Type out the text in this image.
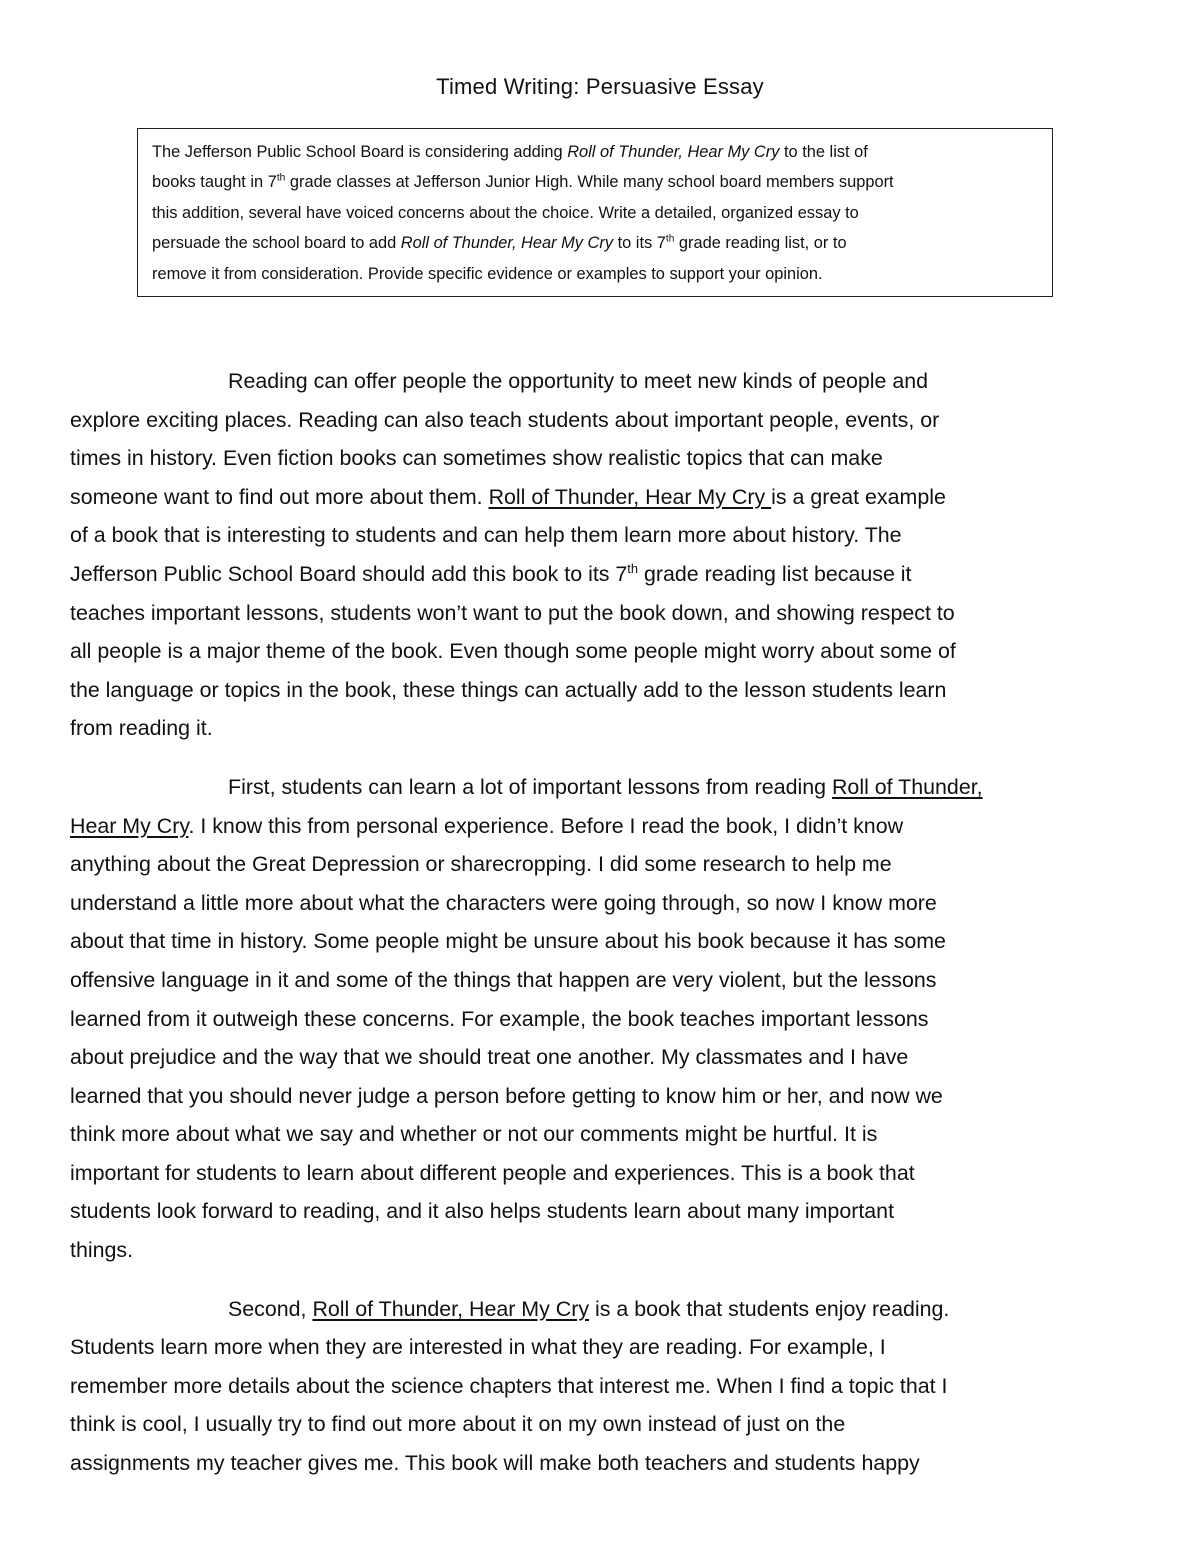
Timed Writing: Persuasive Essay
The Jefferson Public School Board is considering adding Roll of Thunder, Hear My Cry to the list of
books taught in 7th grade classes at Jefferson Junior High. While many school board members support
this addition, several have voiced concerns about the choice. Write a detailed, organized essay to
persuade the school board to add Roll of Thunder, Hear My Cry to its 7th grade reading list, or to
remove it from consideration. Provide specific evidence or examples to support your opinion.
Reading can offer people the opportunity to meet new kinds of people and
explore exciting places. Reading can also teach students about important people, events, or
times in history. Even fiction books can sometimes show realistic topics that can make
someone want to find out more about them. Roll of Thunder, Hear My Cry is a great example
of a book that is interesting to students and can help them learn more about history. The
Jefferson Public School Board should add this book to its 7th grade reading list because it
teaches important lessons, students won’t want to put the book down, and showing respect to
all people is a major theme of the book. Even though some people might worry about some of
the language or topics in the book, these things can actually add to the lesson students learn
from reading it.
First, students can learn a lot of important lessons from reading Roll of Thunder,
Hear My Cry. I know this from personal experience. Before I read the book, I didn’t know
anything about the Great Depression or sharecropping. I did some research to help me
understand a little more about what the characters were going through, so now I know more
about that time in history. Some people might be unsure about his book because it has some
offensive language in it and some of the things that happen are very violent, but the lessons
learned from it outweigh these concerns. For example, the book teaches important lessons
about prejudice and the way that we should treat one another. My classmates and I have
learned that you should never judge a person before getting to know him or her, and now we
think more about what we say and whether or not our comments might be hurtful. It is
important for students to learn about different people and experiences. This is a book that
students look forward to reading, and it also helps students learn about many important
things.
Second, Roll of Thunder, Hear My Cry is a book that students enjoy reading.
Students learn more when they are interested in what they are reading. For example, I
remember more details about the science chapters that interest me. When I find a topic that I
think is cool, I usually try to find out more about it on my own instead of just on the
assignments my teacher gives me. This book will make both teachers and students happy
